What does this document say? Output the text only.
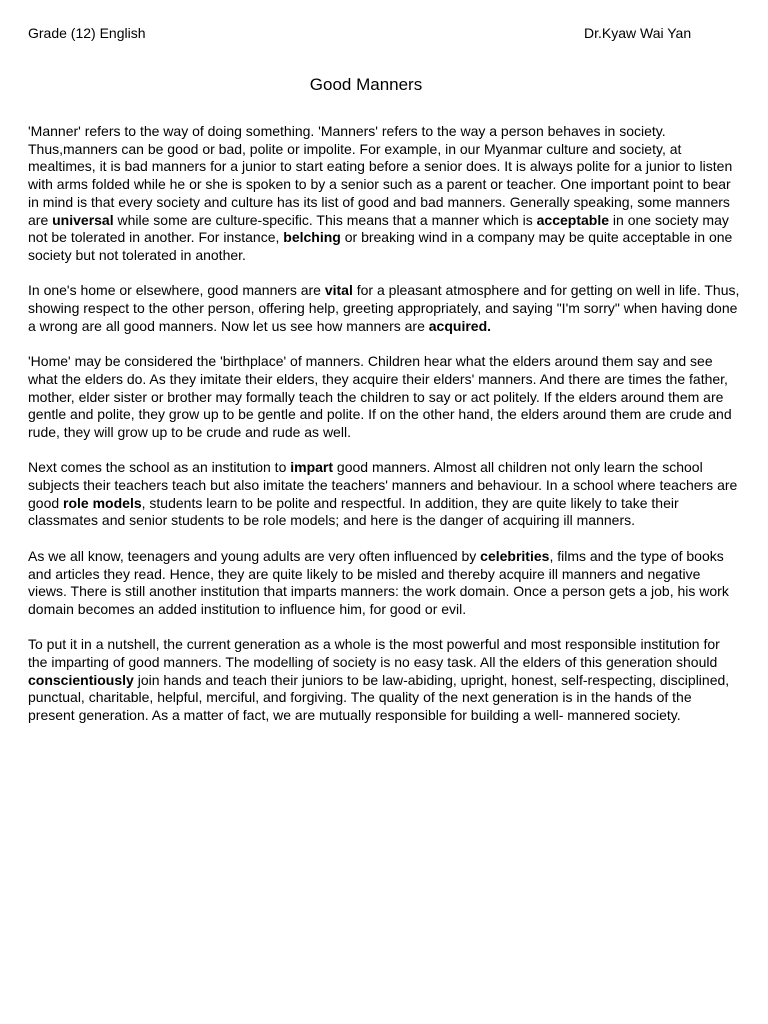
Grade (12) English	Dr.Kyaw Wai Yan
Good Manners

'Manner' refers to the way of doing something. 'Manners' refers to the way a person behaves in society. Thus,manners can be good or bad, polite or impolite. For example, in our Myanmar culture and society, at mealtimes, it is bad manners for a junior to start eating before a senior does. It is always polite for a junior to listen with arms folded while he or she is spoken to by a senior such as a parent or teacher. One important point to bear in mind is that every society and culture has its list of good and bad manners. Generally speaking, some manners are universal while some are culture-specific. This means that a manner which is acceptable in one society may not be tolerated in another. For instance, belching or breaking wind in a company may be quite acceptable in one society but not tolerated in another.

In one's home or elsewhere, good manners are vital for a pleasant atmosphere and for getting on well in life. Thus, showing respect to the other person, offering help, greeting appropriately, and saying "I'm sorry" when having done a wrong are all good manners. Now let us see how manners are acquired.

'Home' may be considered the 'birthplace' of manners. Children hear what the elders around them say and see what the elders do. As they imitate their elders, they acquire their elders' manners. And there are times the father, mother, elder sister or brother may formally teach the children to say or act politely. If the elders around them are gentle and polite, they grow up to be gentle and polite. If on the other hand, the elders around them are crude and rude, they will grow up to be crude and rude as well.

Next comes the school as an institution to impart good manners. Almost all children not only learn the school subjects their teachers teach but also imitate the teachers' manners and behaviour. In a school where teachers are good role models, students learn to be polite and respectful. In addition, they are quite likely to take their classmates and senior students to be role models; and here is the danger of acquiring ill manners.

As we all know, teenagers and young adults are very often influenced by celebrities, films and the type of books and articles they read. Hence, they are quite likely to be misled and thereby acquire ill manners and negative views. There is still another institution that imparts manners: the work domain. Once a person gets a job, his work domain becomes an added institution to influence him, for good or evil.

To put it in a nutshell, the current generation as a whole is the most powerful and most responsible institution for the imparting of good manners. The modelling of society is no easy task. All the elders of this generation should conscientiously join hands and teach their juniors to be law-abiding, upright, honest, self-respecting, disciplined, punctual, charitable, helpful, merciful, and forgiving. The quality of the next generation is in the hands of the present generation. As a matter of fact, we are mutually responsible for building a well- mannered society.
